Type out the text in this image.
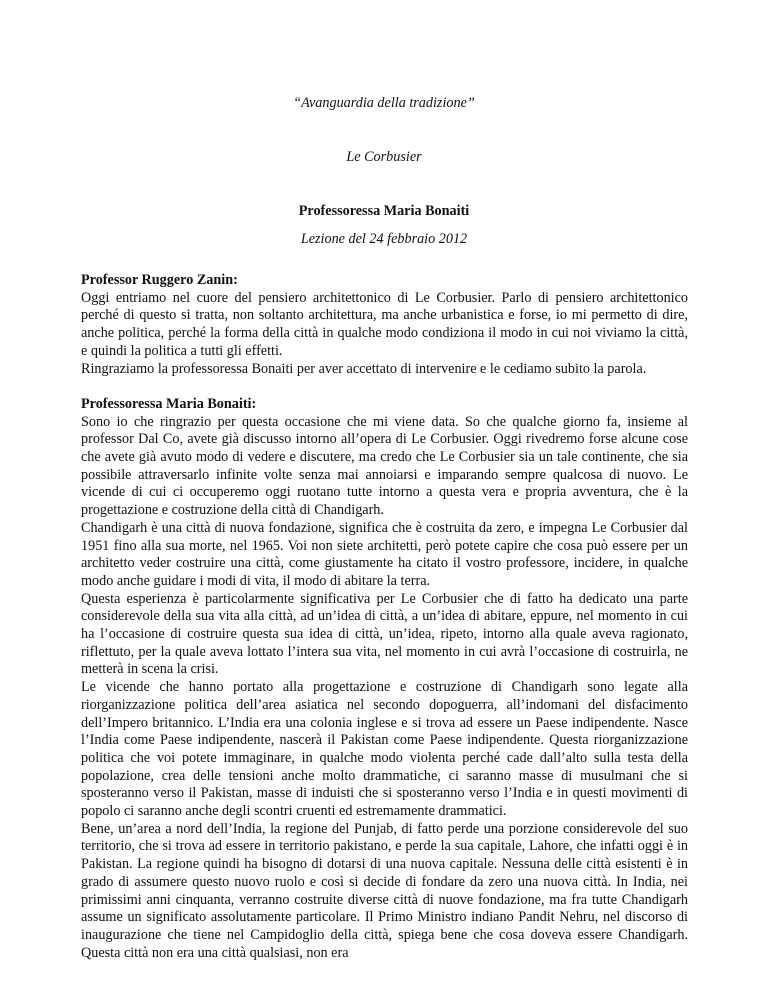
“Avanguardia della tradizione”
Le Corbusier
Professoressa Maria Bonaiti
Lezione del 24 febbraio 2012

Professor Ruggero Zanin:

Oggi entriamo nel cuore del pensiero architettonico di Le Corbusier. Parlo di pensiero architettonico perché di questo si tratta, non soltanto architettura, ma anche urbanistica e forse, io mi permetto di dire, anche politica, perché la forma della città in qualche modo condiziona il modo in cui noi viviamo la città, e quindi la politica a tutti gli effetti.

Ringraziamo la professoressa Bonaiti per aver accettato di intervenire e le cediamo subito la parola.

Professoressa Maria Bonaiti:

Sono io che ringrazio per questa occasione che mi viene data. So che qualche giorno fa, insieme al professor Dal Co, avete già discusso intorno all’opera di Le Corbusier. Oggi rivedremo forse alcune cose che avete già avuto modo di vedere e discutere, ma credo che Le Corbusier sia un tale continente, che sia possibile attraversarlo infinite volte senza mai annoiarsi e imparando sempre qualcosa di nuovo. Le vicende di cui ci occuperemo oggi ruotano tutte intorno a questa vera e propria avventura, che è la progettazione e costruzione della città di Chandigarh.

Chandigarh è una città di nuova fondazione, significa che è costruita da zero, e impegna Le Corbusier dal 1951 fino alla sua morte, nel 1965. Voi non siete architetti, però potete capire che cosa può essere per un architetto veder costruire una città, come giustamente ha citato il vostro professore, incidere, in qualche modo anche guidare i modi di vita, il modo di abitare la terra.

Questa esperienza è particolarmente significativa per Le Corbusier che di fatto ha dedicato una parte considerevole della sua vita alla città, ad un’idea di città, a un’idea di abitare, eppure, nel momento in cui ha l’occasione di costruire questa sua idea di città, un’idea, ripeto, intorno alla quale aveva ragionato, riflettuto, per la quale aveva lottato l’intera sua vita, nel momento in cui avrà l’occasione di costruirla, ne metterà in scena la crisi.

Le vicende che hanno portato alla progettazione e costruzione di Chandigarh sono legate alla riorganizzazione politica dell’area asiatica nel secondo dopoguerra, all’indomani del disfacimento dell’Impero britannico. L’India era una colonia inglese e si trova ad essere un Paese indipendente. Nasce l’India come Paese indipendente, nascerà il Pakistan come Paese indipendente. Questa riorganizzazione politica che voi potete immaginare, in qualche modo violenta perché cade dall’alto sulla testa della popolazione, crea delle tensioni anche molto drammatiche, ci saranno masse di musulmani che si sposteranno verso il Pakistan, masse di induisti che si sposteranno verso l’India e in questi movimenti di popolo ci saranno anche degli scontri cruenti ed estremamente drammatici.

Bene, un’area a nord dell’India, la regione del Punjab, di fatto perde una porzione considerevole del suo territorio, che si trova ad essere in territorio pakistano, e perde la sua capitale, Lahore, che infatti oggi è in Pakistan. La regione quindi ha bisogno di dotarsi di una nuova capitale. Nessuna delle città esistenti è in grado di assumere questo nuovo ruolo e così si decide di fondare da zero una nuova città. In India, nei primissimi anni cinquanta, verranno costruite diverse città di nuove fondazione, ma fra tutte Chandigarh assume un significato assolutamente particolare. Il Primo Ministro indiano Pandit Nehru, nel discorso di inaugurazione che tiene nel Campidoglio della città, spiega bene che cosa doveva essere Chandigarh. Questa città non era una città qualsiasi, non era
